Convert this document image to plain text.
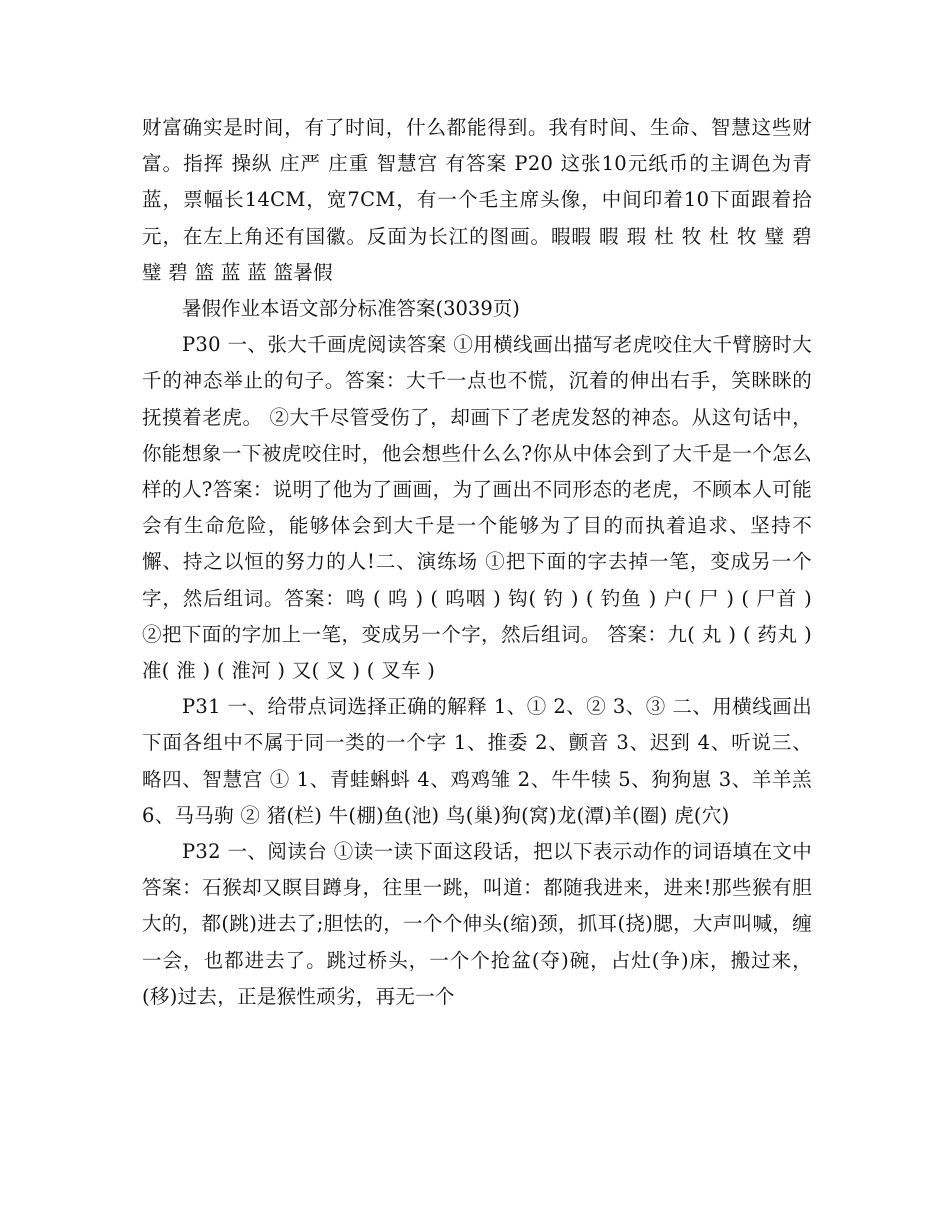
财富确实是时间，有了时间，什么都能得到。我有时间、生命、智慧这些财富。指挥 操纵 庄严 庄重 智慧宫 有答案 P20 这张10元纸币的主调色为青蓝，票幅长14CM，宽7CM，有一个毛主席头像，中间印着10下面跟着拾元，在左上角还有国徽。反面为长江的图画。暇暇 暇 瑕 杜 牧 杜 牧 璧 碧 璧 碧 篮 蓝 蓝 篮暑假

暑假作业本语文部分标准答案(3039页)

P30 一、张大千画虎阅读答案 ①用横线画出描写老虎咬住大千臂膀时大千的神态举止的句子。答案：大千一点也不慌，沉着的伸出右手，笑眯眯的抚摸着老虎。 ②大千尽管受伤了，却画下了老虎发怒的神态。从这句话中，你能想象一下被虎咬住时，他会想些什么么?你从中体会到了大千是一个怎么样的人?答案：说明了他为了画画，为了画出不同形态的老虎，不顾本人可能会有生命危险，能够体会到大千是一个能够为了目的而执着追求、坚持不懈、持之以恒的努力的人!二、演练场 ①把下面的字去掉一笔，变成另一个字，然后组词。答案：鸣 ( 呜 ) ( 呜咽 ) 钩( 钓 ) ( 钓鱼 ) 户( 尸 ) ( 尸首 ) ②把下面的字加上一笔，变成另一个字，然后组词。 答案：九( 丸 ) ( 药丸 ) 准( 淮 ) ( 淮河 ) 又( 叉 ) ( 叉车 )

P31 一、给带点词选择正确的解释 1、① 2、② 3、③ 二、用横线画出下面各组中不属于同一类的一个字 1、推委 2、颤音 3、迟到 4、听说三、略四、智慧宫 ① 1、青蛙蝌蚪 4、鸡鸡雏 2、牛牛犊 5、狗狗崽 3、羊羊羔 6、马马驹 ② 猪(栏) 牛(棚)鱼(池) 鸟(巢)狗(窝)龙(潭)羊(圈) 虎(穴)

P32 一、阅读台 ①读一读下面这段话，把以下表示动作的词语填在文中答案：石猴却又瞑目蹲身，往里一跳，叫道：都随我进来，进来!那些猴有胆大的，都(跳)进去了;胆怯的，一个个伸头(缩)颈，抓耳(挠)腮，大声叫喊，缠一会，也都进去了。跳过桥头，一个个抢盆(夺)碗，占灶(争)床，搬过来，(移)过去，正是猴性顽劣，再无一个
